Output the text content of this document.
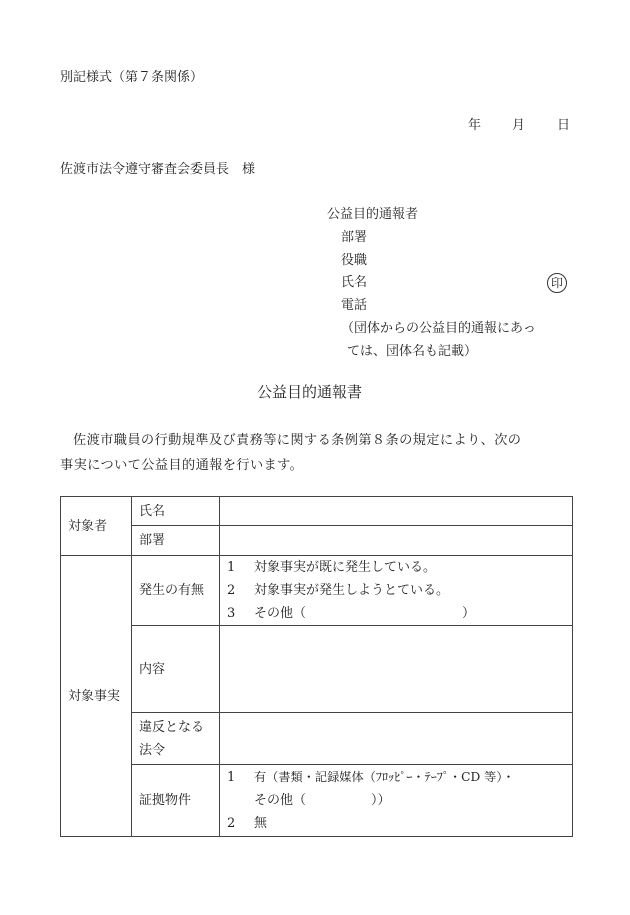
別記様式（第７条関係）
年 月 日
佐渡市法令遵守審査会委員長　様
公益目的通報者
部署
役職
氏名	印
電話
（団体からの公益目的通報にあっ
ては、団体名も記載）
公益目的通報書
佐渡市職員の行動規準及び責務等に関する条例第８条の規定により、次の
事実について公益目的通報を行います。
対象者	氏名	
	部署	
対象事実	発生の有無	1 対象事実が既に発生している。
2 対象事実が発生しようとている。
3 その他（　　　　　　　　　　　　）

	内容	

	違反となる
法令	

	証拠物件	1 有（書類・記録媒体（ﾌﾛｯﾋﾟｰ・ﾃｰﾌﾟ・CD 等）・
その他（　　　　　））
2 無
